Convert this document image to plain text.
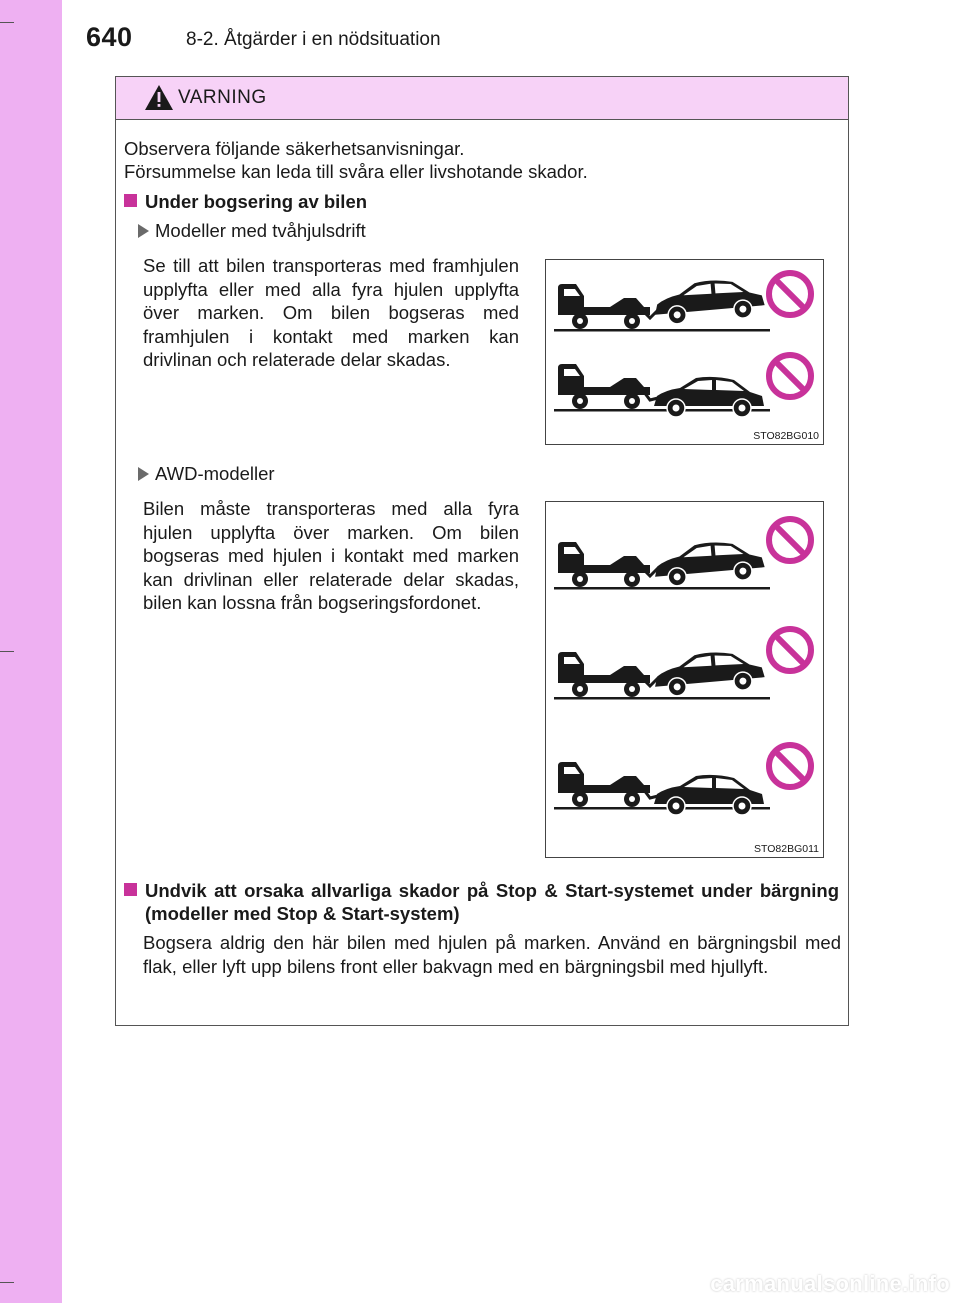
640	8-2. Åtgärder i en nödsituation
VARNING
Observera följande säkerhetsanvisningar.
Försummelse kan leda till svåra eller livshotande skador.
Under bogsering av bilen
Modeller med tvåhjulsdrift
Se till att bilen transporteras med framhjulen upplyfta eller med alla fyra hjulen upplyfta över marken. Om bilen bogseras med framhjulen i kontakt med marken kan drivlinan och relaterade delar skadas.
STO82BG010
AWD-modeller
Bilen måste transporteras med alla fyra hjulen upplyfta över marken. Om bilen bogseras med hjulen i kontakt med marken kan drivlinan eller relaterade delar skadas, bilen kan lossna från bogseringsfordonet.
STO82BG011
Undvik att orsaka allvarliga skador på Stop & Start-systemet under bärgning (modeller med Stop & Start-system)
Bogsera aldrig den här bilen med hjulen på marken. Använd en bärgningsbil med flak, eller lyft upp bilens front eller bakvagn med en bärgningsbil med hjullyft.
carmanualsonline.info
